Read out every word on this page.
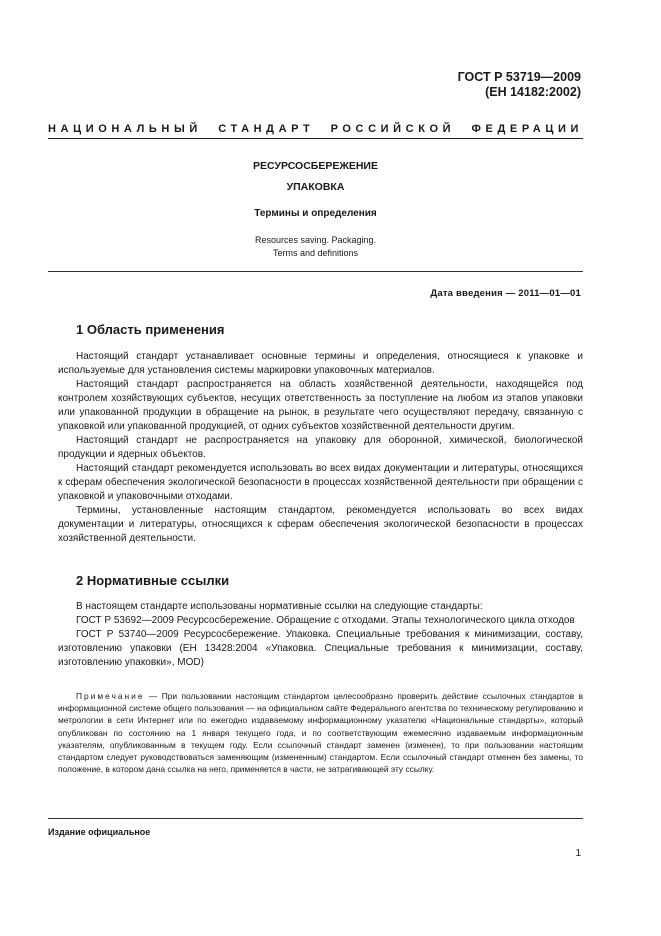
ГОСТ Р 53719—2009
(ЕН 14182:2002)
НАЦИОНАЛЬНЫЙ СТАНДАРТ РОССИЙСКОЙ ФЕДЕРАЦИИ
РЕСУРСОСБЕРЕЖЕНИЕ
УПАКОВКА
Термины и определения
Resources saving. Packaging.
Terms and definitions
Дата введения — 2011—01—01
1 Область применения

Настоящий стандарт устанавливает основные термины и определения, относящиеся к упаковке и используемые для установления системы маркировки упаковочных материалов.

Настоящий стандарт распространяется на область хозяйственной деятельности, находящейся под контролем хозяйствующих субъектов, несущих ответственность за поступление на любом из этапов упаковки или упакованной продукции в обращение на рынок, в результате чего осуществляют передачу, связанную с упаковкой или упакованной продукцией, от одних субъектов хозяйственной деятельности другим.

Настоящий стандарт не распространяется на упаковку для оборонной, химической, биологической продукции и ядерных объектов.

Настоящий стандарт рекомендуется использовать во всех видах документации и литературы, относящихся к сферам обеспечения экологической безопасности в процессах хозяйственной деятельности при обращении с упаковкой и упаковочными отходами.

Термины, установленные настоящим стандартом, рекомендуется использовать во всех видах документации и литературы, относящихся к сферам обеспечения экологической безопасности в процессах хозяйственной деятельности.

2 Нормативные ссылки

В настоящем стандарте использованы нормативные ссылки на следующие стандарты:

ГОСТ Р 53692—2009 Ресурсосбережение. Обращение с отходами. Этапы технологического цикла отходов

ГОСТ Р 53740—2009 Ресурсосбережение. Упаковка. Специальные требования к минимизации, составу, изготовлению упаковки (ЕН 13428:2004 «Упаковка. Специальные требования к минимизации, составу, изготовлению упаковки», MOD)

Примечание — При пользовании настоящим стандартом целесообразно проверить действие ссылочных стандартов в информационной системе общего пользования — на официальном сайте Федерального агентства по техническому регулированию и метрологии в сети Интернет или по ежегодно издаваемому информационному указателю «Национальные стандарты», который опубликован по состоянию на 1 января текущего года, и по соответствующим ежемесячно издаваемым информационным указателям, опубликованным в текущем году. Если ссылочный стандарт заменен (изменен), то при пользовании настоящим стандартом следует руководствоваться заменяющим (измененным) стандартом. Если ссылочный стандарт отменен без замены, то положение, в котором дана ссылка на него, применяется в части, не затрагивающей эту ссылку.
Издание официальное
1
